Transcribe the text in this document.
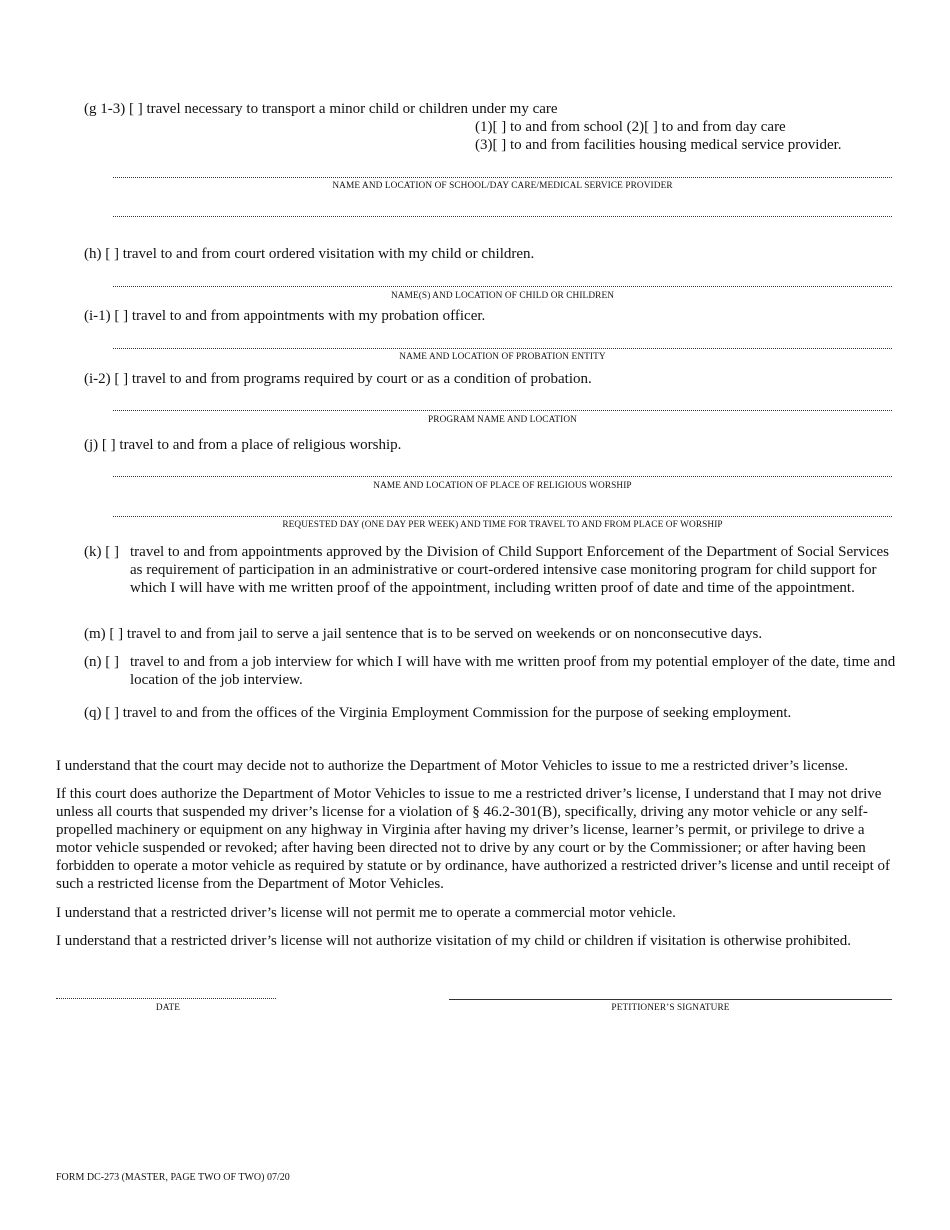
(g 1-3) [ ] travel necessary to transport a minor child or children under my care
(1)[ ] to and from school (2)[ ] to and from day care
(3)[ ] to and from facilities housing medical service provider.
NAME AND LOCATION OF SCHOOL/DAY CARE/MEDICAL SERVICE PROVIDER
(h) [ ] travel to and from court ordered visitation with my child or children.
NAME(S) AND LOCATION OF CHILD OR CHILDREN
(i-1) [ ] travel to and from appointments with my probation officer.
NAME AND LOCATION OF PROBATION ENTITY
(i-2) [ ] travel to and from programs required by court or as a condition of probation.
PROGRAM NAME AND LOCATION
(j) [ ] travel to and from a place of religious worship.
NAME AND LOCATION OF PLACE OF RELIGIOUS WORSHIP
REQUESTED DAY (ONE DAY PER WEEK) AND TIME FOR TRAVEL TO AND FROM PLACE OF WORSHIP
(k) [ ] travel to and from appointments approved by the Division of Child Support Enforcement of the Department of Social Services as requirement of participation in an administrative or court-ordered intensive case monitoring program for child support for which I will have with me written proof of the appointment, including written proof of date and time of the appointment.
(m) [ ] travel to and from jail to serve a jail sentence that is to be served on weekends or on nonconsecutive days.
(n) [ ] travel to and from a job interview for which I will have with me written proof from my potential employer of the date, time and location of the job interview.
(q) [ ] travel to and from the offices of the Virginia Employment Commission for the purpose of seeking employment.
I understand that the court may decide not to authorize the Department of Motor Vehicles to issue to me a restricted driver’s license.
If this court does authorize the Department of Motor Vehicles to issue to me a restricted driver’s license, I understand that I may not drive unless all courts that suspended my driver’s license for a violation of § 46.2-301(B), specifically, driving any motor vehicle or any self-propelled machinery or equipment on any highway in Virginia after having my driver’s license, learner’s permit, or privilege to drive a motor vehicle suspended or revoked; after having been directed not to drive by any court or by the Commissioner; or after having been forbidden to operate a motor vehicle as required by statute or by ordinance, have authorized a restricted driver’s license and until receipt of such a restricted license from the Department of Motor Vehicles.
I understand that a restricted driver’s license will not permit me to operate a commercial motor vehicle.
I understand that a restricted driver’s license will not authorize visitation of my child or children if visitation is otherwise prohibited.
DATE	PETITIONER’S SIGNATURE
FORM DC-273 (MASTER, PAGE TWO OF TWO) 07/20
